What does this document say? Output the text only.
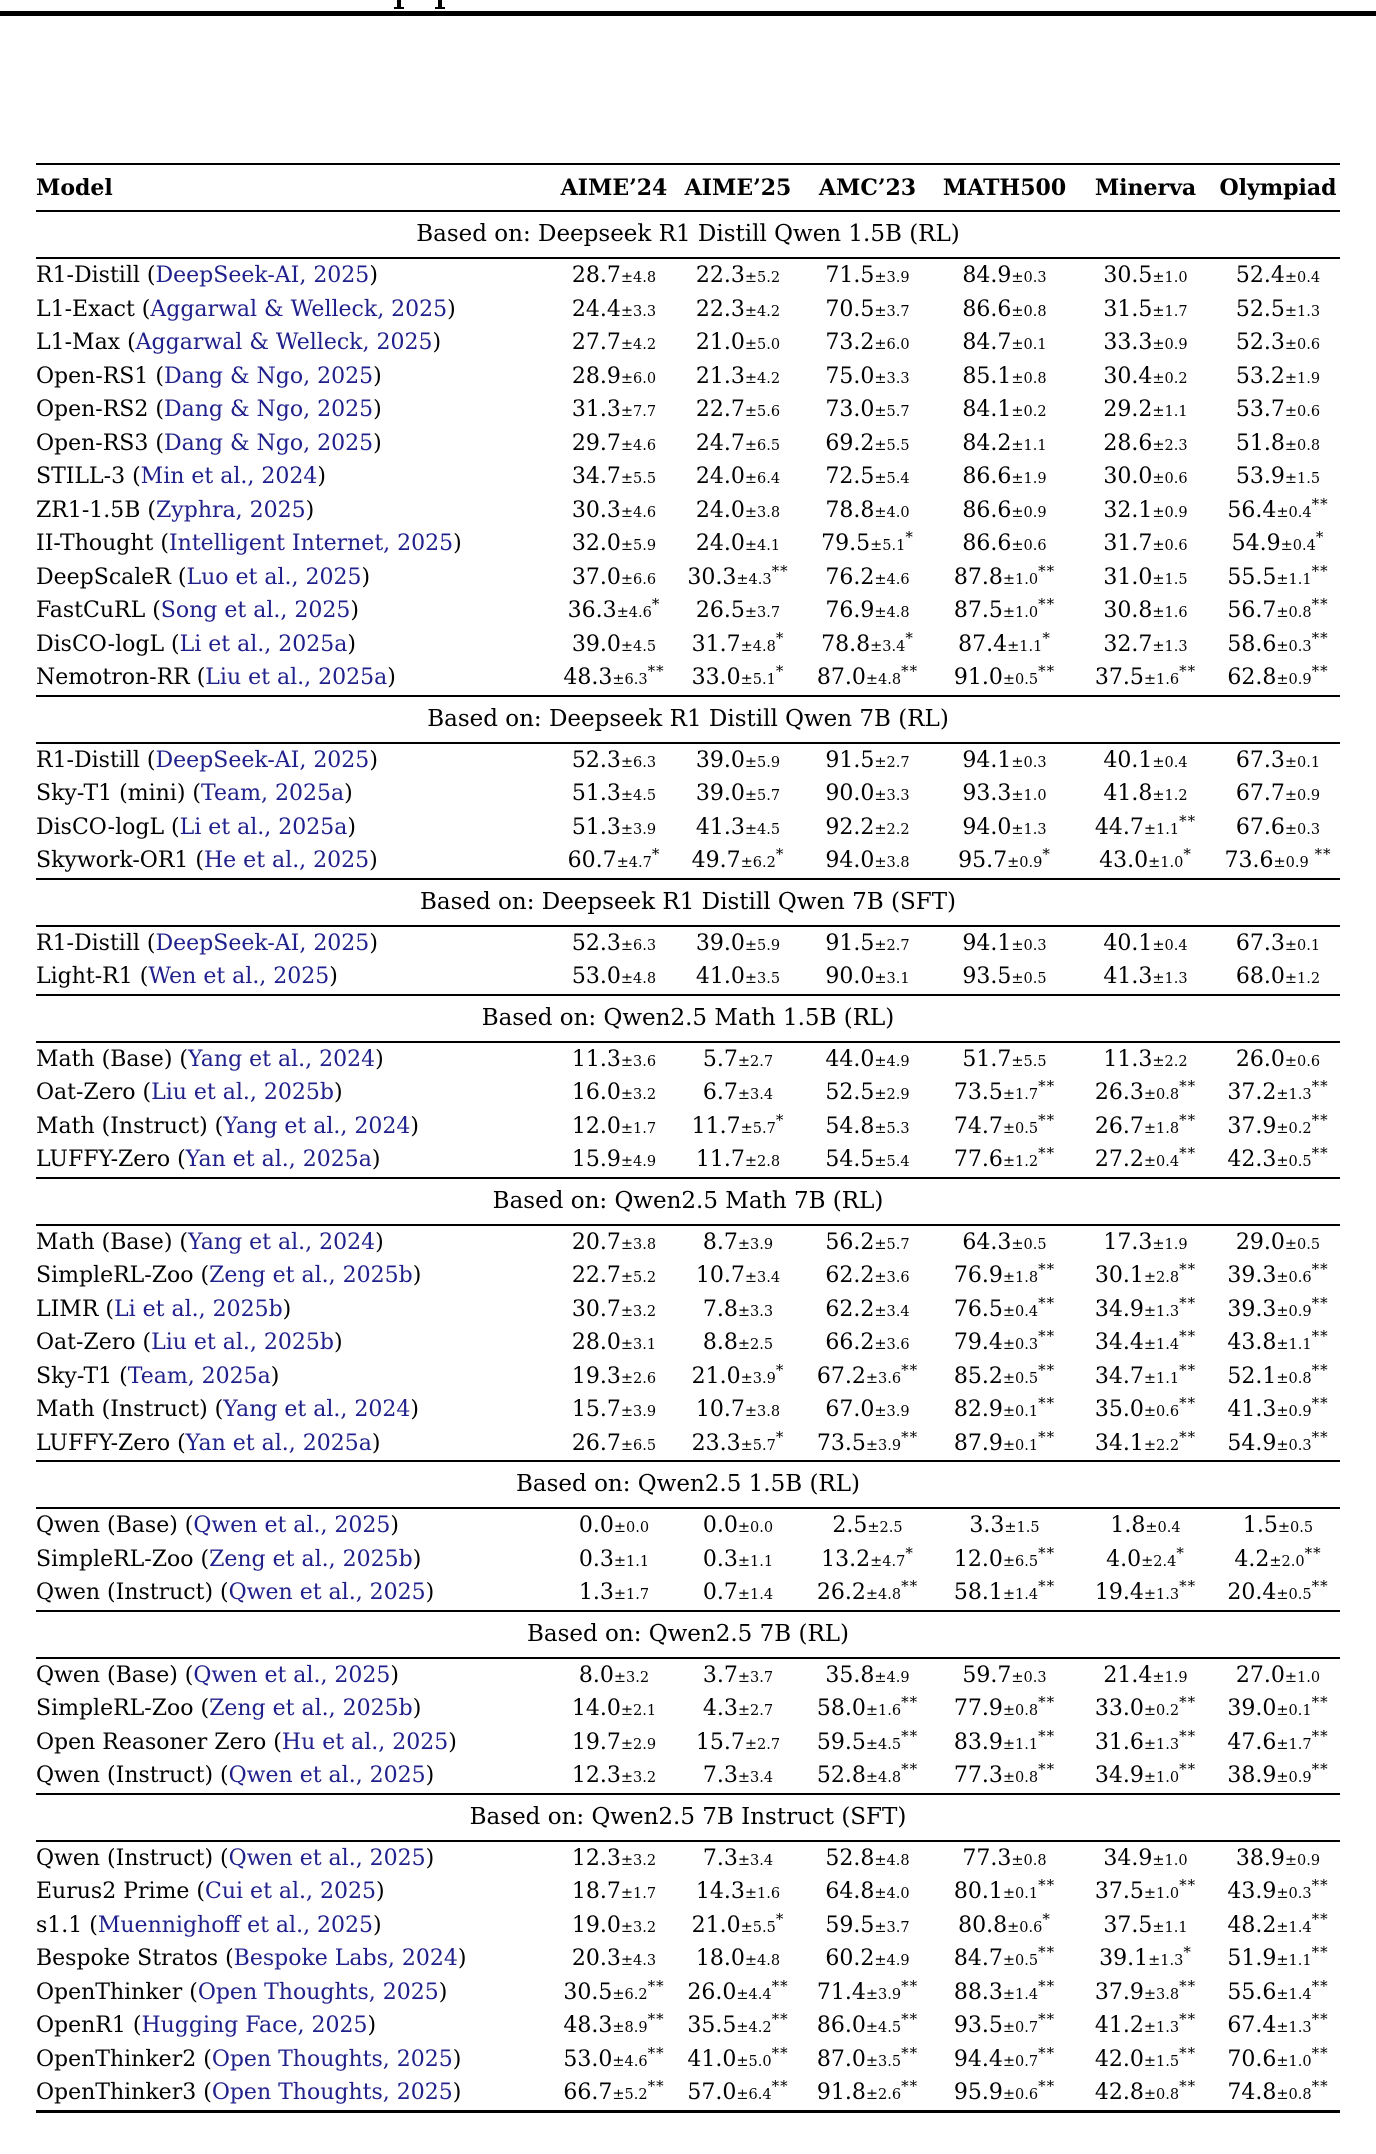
Model	AIME’24	AIME’25	AMC’23	MATH500	Minerva	Olympiad
Based on: Deepseek R1 Distill Qwen 1.5B (RL)						
R1-Distill (DeepSeek-AI, 2025)	28.7±4.8	22.3±5.2	71.5±3.9	84.9±0.3	30.5±1.0	52.4±0.4
L1-Exact (Aggarwal & Welleck, 2025)	24.4±3.3	22.3±4.2	70.5±3.7	86.6±0.8	31.5±1.7	52.5±1.3
L1-Max (Aggarwal & Welleck, 2025)	27.7±4.2	21.0±5.0	73.2±6.0	84.7±0.1	33.3±0.9	52.3±0.6
Open-RS1 (Dang & Ngo, 2025)	28.9±6.0	21.3±4.2	75.0±3.3	85.1±0.8	30.4±0.2	53.2±1.9
Open-RS2 (Dang & Ngo, 2025)	31.3±7.7	22.7±5.6	73.0±5.7	84.1±0.2	29.2±1.1	53.7±0.6
Open-RS3 (Dang & Ngo, 2025)	29.7±4.6	24.7±6.5	69.2±5.5	84.2±1.1	28.6±2.3	51.8±0.8
STILL-3 (Min et al., 2024)	34.7±5.5	24.0±6.4	72.5±5.4	86.6±1.9	30.0±0.6	53.9±1.5
ZR1-1.5B (Zyphra, 2025)	30.3±4.6	24.0±3.8	78.8±4.0	86.6±0.9	32.1±0.9	56.4±0.4**
II-Thought (Intelligent Internet, 2025)	32.0±5.9	24.0±4.1	79.5±5.1*	86.6±0.6	31.7±0.6	54.9±0.4*
DeepScaleR (Luo et al., 2025)	37.0±6.6	30.3±4.3**	76.2±4.6	87.8±1.0**	31.0±1.5	55.5±1.1**
FastCuRL (Song et al., 2025)	36.3±4.6*	26.5±3.7	76.9±4.8	87.5±1.0**	30.8±1.6	56.7±0.8**
DisCO-logL (Li et al., 2025a)	39.0±4.5	31.7±4.8*	78.8±3.4*	87.4±1.1*	32.7±1.3	58.6±0.3**
Nemotron-RR (Liu et al., 2025a)	48.3±6.3**	33.0±5.1*	87.0±4.8**	91.0±0.5**	37.5±1.6**	62.8±0.9**
Based on: Deepseek R1 Distill Qwen 7B (RL)						
R1-Distill (DeepSeek-AI, 2025)	52.3±6.3	39.0±5.9	91.5±2.7	94.1±0.3	40.1±0.4	67.3±0.1
Sky-T1 (mini) (Team, 2025a)	51.3±4.5	39.0±5.7	90.0±3.3	93.3±1.0	41.8±1.2	67.7±0.9
DisCO-logL (Li et al., 2025a)	51.3±3.9	41.3±4.5	92.2±2.2	94.0±1.3	44.7±1.1**	67.6±0.3
Skywork-OR1 (He et al., 2025)	60.7±4.7*	49.7±6.2*	94.0±3.8	95.7±0.9*	43.0±1.0*	73.6±0.9 **
Based on: Deepseek R1 Distill Qwen 7B (SFT)						
R1-Distill (DeepSeek-AI, 2025)	52.3±6.3	39.0±5.9	91.5±2.7	94.1±0.3	40.1±0.4	67.3±0.1
Light-R1 (Wen et al., 2025)	53.0±4.8	41.0±3.5	90.0±3.1	93.5±0.5	41.3±1.3	68.0±1.2
Based on: Qwen2.5 Math 1.5B (RL)						
Math (Base) (Yang et al., 2024)	11.3±3.6	5.7±2.7	44.0±4.9	51.7±5.5	11.3±2.2	26.0±0.6
Oat-Zero (Liu et al., 2025b)	16.0±3.2	6.7±3.4	52.5±2.9	73.5±1.7**	26.3±0.8**	37.2±1.3**
Math (Instruct) (Yang et al., 2024)	12.0±1.7	11.7±5.7*	54.8±5.3	74.7±0.5**	26.7±1.8**	37.9±0.2**
LUFFY-Zero (Yan et al., 2025a)	15.9±4.9	11.7±2.8	54.5±5.4	77.6±1.2**	27.2±0.4**	42.3±0.5**
Based on: Qwen2.5 Math 7B (RL)						
Math (Base) (Yang et al., 2024)	20.7±3.8	8.7±3.9	56.2±5.7	64.3±0.5	17.3±1.9	29.0±0.5
SimpleRL-Zoo (Zeng et al., 2025b)	22.7±5.2	10.7±3.4	62.2±3.6	76.9±1.8**	30.1±2.8**	39.3±0.6**
LIMR (Li et al., 2025b)	30.7±3.2	7.8±3.3	62.2±3.4	76.5±0.4**	34.9±1.3**	39.3±0.9**
Oat-Zero (Liu et al., 2025b)	28.0±3.1	8.8±2.5	66.2±3.6	79.4±0.3**	34.4±1.4**	43.8±1.1**
Sky-T1 (Team, 2025a)	19.3±2.6	21.0±3.9*	67.2±3.6**	85.2±0.5**	34.7±1.1**	52.1±0.8**
Math (Instruct) (Yang et al., 2024)	15.7±3.9	10.7±3.8	67.0±3.9	82.9±0.1**	35.0±0.6**	41.3±0.9**
LUFFY-Zero (Yan et al., 2025a)	26.7±6.5	23.3±5.7*	73.5±3.9**	87.9±0.1**	34.1±2.2**	54.9±0.3**
Based on: Qwen2.5 1.5B (RL)						
Qwen (Base) (Qwen et al., 2025)	0.0±0.0	0.0±0.0	2.5±2.5	3.3±1.5	1.8±0.4	1.5±0.5
SimpleRL-Zoo (Zeng et al., 2025b)	0.3±1.1	0.3±1.1	13.2±4.7*	12.0±6.5**	4.0±2.4*	4.2±2.0**
Qwen (Instruct) (Qwen et al., 2025)	1.3±1.7	0.7±1.4	26.2±4.8**	58.1±1.4**	19.4±1.3**	20.4±0.5**
Based on: Qwen2.5 7B (RL)						
Qwen (Base) (Qwen et al., 2025)	8.0±3.2	3.7±3.7	35.8±4.9	59.7±0.3	21.4±1.9	27.0±1.0
SimpleRL-Zoo (Zeng et al., 2025b)	14.0±2.1	4.3±2.7	58.0±1.6**	77.9±0.8**	33.0±0.2**	39.0±0.1**
Open Reasoner Zero (Hu et al., 2025)	19.7±2.9	15.7±2.7	59.5±4.5**	83.9±1.1**	31.6±1.3**	47.6±1.7**
Qwen (Instruct) (Qwen et al., 2025)	12.3±3.2	7.3±3.4	52.8±4.8**	77.3±0.8**	34.9±1.0**	38.9±0.9**
Based on: Qwen2.5 7B Instruct (SFT)						
Qwen (Instruct) (Qwen et al., 2025)	12.3±3.2	7.3±3.4	52.8±4.8	77.3±0.8	34.9±1.0	38.9±0.9
Eurus2 Prime (Cui et al., 2025)	18.7±1.7	14.3±1.6	64.8±4.0	80.1±0.1**	37.5±1.0**	43.9±0.3**
s1.1 (Muennighoff et al., 2025)	19.0±3.2	21.0±5.5*	59.5±3.7	80.8±0.6*	37.5±1.1	48.2±1.4**
Bespoke Stratos (Bespoke Labs, 2024)	20.3±4.3	18.0±4.8	60.2±4.9	84.7±0.5**	39.1±1.3*	51.9±1.1**
OpenThinker (Open Thoughts, 2025)	30.5±6.2**	26.0±4.4**	71.4±3.9**	88.3±1.4**	37.9±3.8**	55.6±1.4**
OpenR1 (Hugging Face, 2025)	48.3±8.9**	35.5±4.2**	86.0±4.5**	93.5±0.7**	41.2±1.3**	67.4±1.3**
OpenThinker2 (Open Thoughts, 2025)	53.0±4.6**	41.0±5.0**	87.0±3.5**	94.4±0.7**	42.0±1.5**	70.6±1.0**
OpenThinker3 (Open Thoughts, 2025)	66.7±5.2**	57.0±6.4**	91.8±2.6**	95.9±0.6**	42.8±0.8**	74.8±0.8**
